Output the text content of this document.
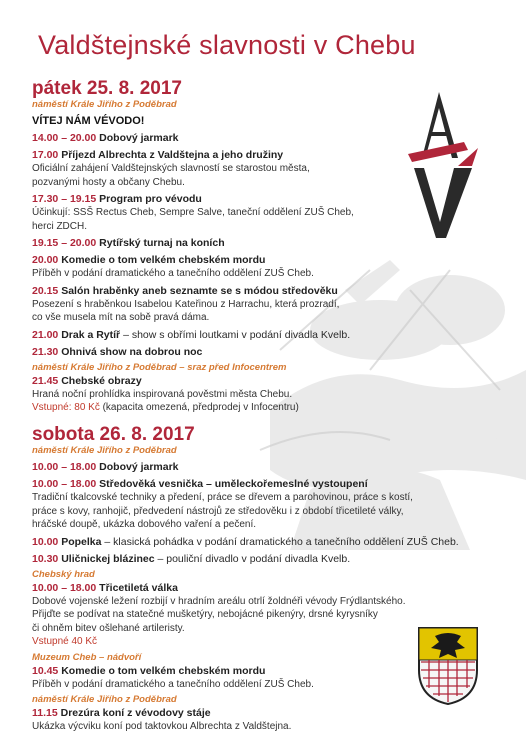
Valdštejnské slavnosti v Chebu
pátek 25. 8. 2017
náměstí Krále Jiřího z Poděbrad
VÍTEJ NÁM VÉVODO!
14.00 – 20.00 Dobový jarmark
17.00 Příjezd Albrechta z Valdštejna a jeho družiny
Oficiální zahájení Valdštejnských slavností se starostou města,
pozvanými hosty a občany Chebu.
17.30 – 19.15 Program pro vévodu
Účinkují: SSŠ Rectus Cheb, Sempre Salve, taneční oddělení ZUŠ Cheb,
herci ZDCH.
19.15 – 20.00 Rytířský turnaj na koních
20.00 Komedie o tom velkém chebském mordu
Příběh v podání dramatického a tanečního oddělení ZUŠ Cheb.
20.15 Salón hraběnky aneb seznamte se s módou středověku
Posezení s hraběnkou Isabelou Kateřinou z Harrachu, která prozradí,
co vše musela mít na sobě pravá dáma.
21.00 Drak a Rytíř – show s obřími loutkami v podání divadla Kvelb.
21.30 Ohnivá show na dobrou noc
náměstí Krále Jiřího z Poděbrad – sraz před Infocentrem
21.45 Chebské obrazy
Hraná noční prohlídka inspirovaná pověstmi města Chebu.
Vstupné: 80 Kč (kapacita omezená, předprodej v Infocentru)
sobota 26. 8. 2017
náměstí Krále Jiřího z Poděbrad
10.00 – 18.00 Dobový jarmark
10.00 – 18.00 Středověká vesnička – uměleckořemeslné vystoupení
Tradiční tkalcovské techniky a předení, práce se dřevem a parohovinou, práce s kostí,
práce s kovy, ranhojič, předvedení nástrojů ze středověku i z období třicetileté války,
hráčské doupě, ukázka dobového vaření a pečení.
10.00 Popelka – klasická pohádka v podání dramatického a tanečního oddělení ZUŠ Cheb.
10.30 Uličnickej blázinec – pouliční divadlo v podání divadla Kvelb.
Chebský hrad
10.00 – 18.00 Třicetiletá válka
Dobové vojenské ležení rozbijí v hradním areálu otrlí žoldnéři vévody Frýdlantského.
Přijďte se podívat na statečné mušketýry, nebojácné pikenýry, drsné kyrysníky
či ohněm bitev ošlehané artileristy.
Vstupné 40 Kč
Muzeum Cheb – nádvoří
10.45 Komedie o tom velkém chebském mordu
Příběh v podání dramatického a tanečního oddělení ZUŠ Cheb.
náměstí Krále Jiřího z Poděbrad
11.15 Drezúra koní z vévodovy stáje
Ukázka výcviku koní pod taktovkou Albrechta z Valdštejna.
